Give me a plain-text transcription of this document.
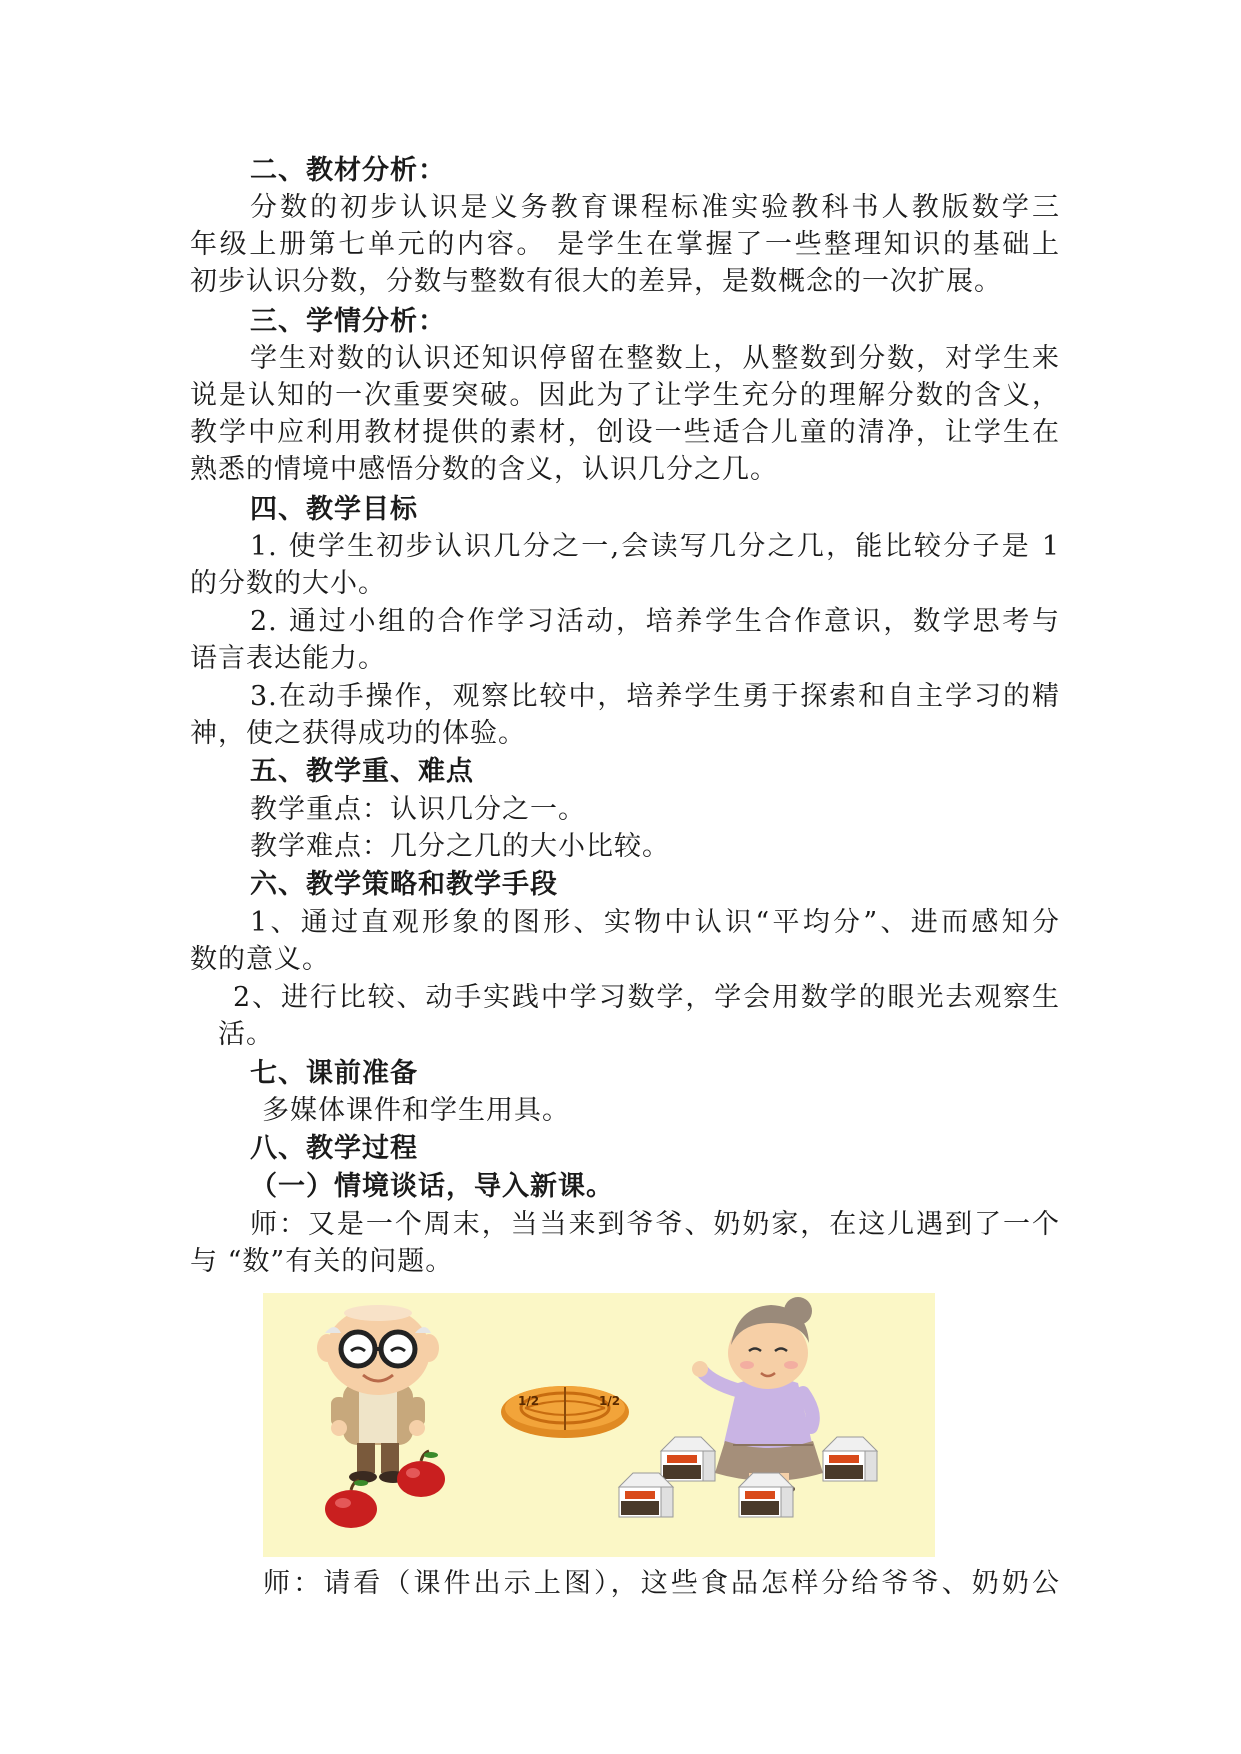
二、教材分析：
分数的初步认识是义务教育课程标准实验教科书人教版数学三
年级上册第七单元的内容。 是学生在掌握了一些整理知识的基础上
初步认识分数，分数与整数有很大的差异，是数概念的一次扩展。
三、学情分析：
学生对数的认识还知识停留在整数上，从整数到分数，对学生来
说是认知的一次重要突破。因此为了让学生充分的理解分数的含义，
教学中应利用教材提供的素材，创设一些适合儿童的清净，让学生在
熟悉的情境中感悟分数的含义，认识几分之几。
四、教学目标
1. 使学生初步认识几分之一,会读写几分之几，能比较分子是 1
的分数的大小。
2. 通过小组的合作学习活动，培养学生合作意识，数学思考与
语言表达能力。
3.在动手操作，观察比较中，培养学生勇于探索和自主学习的精
神，使之获得成功的体验。
五、教学重、难点
教学重点：认识几分之一。
教学难点：几分之几的大小比较。
六、教学策略和教学手段
1、通过直观形象的图形、实物中认识“平均分”、进而感知分
数的意义。
2、进行比较、动手实践中学习数学，学会用数学的眼光去观察生
活。
七、课前准备
多媒体课件和学生用具。
八、教学过程
（一）情境谈话，导入新课。
师：又是一个周末，当当来到爷爷、奶奶家，在这儿遇到了一个
与 “数”有关的问题。
1/2	1/2
师：请看（课件出示上图），这些食品怎样分给爷爷、奶奶公
